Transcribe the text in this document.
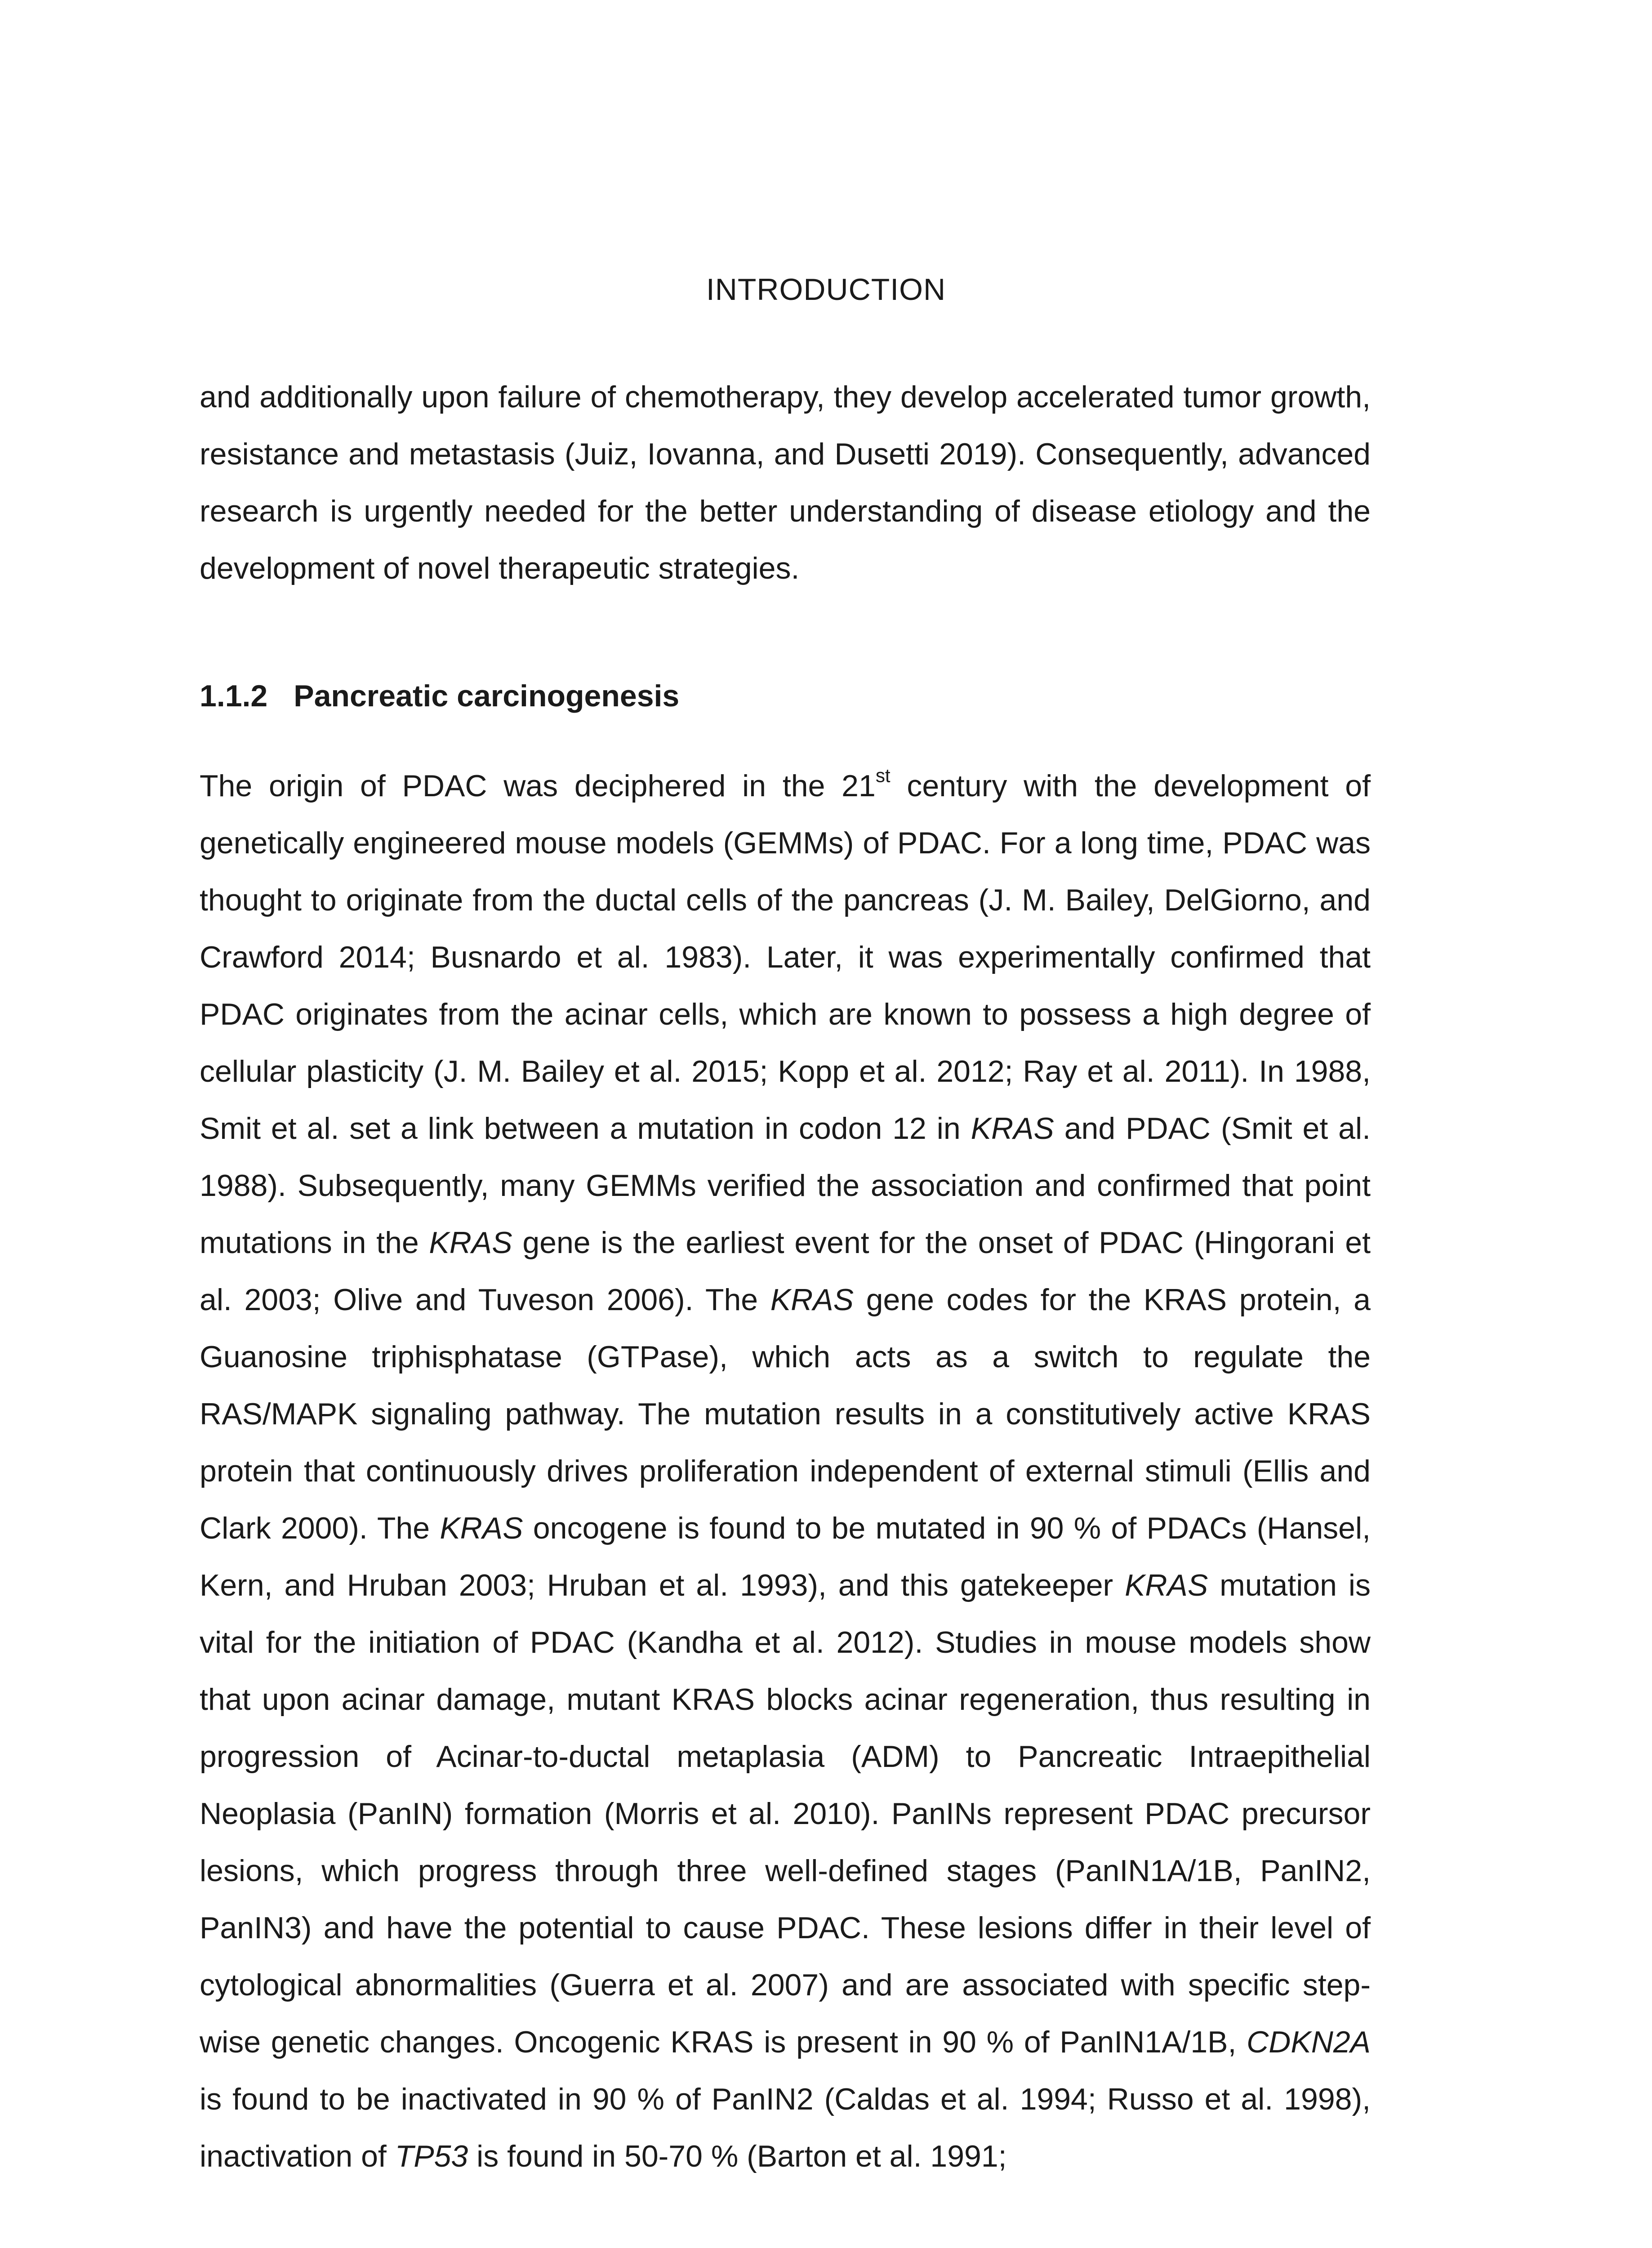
INTRODUCTION

and additionally upon failure of chemotherapy, they develop accelerated tumor growth, resistance and metastasis (Juiz, Iovanna, and Dusetti 2019). Consequently, advanced research is urgently needed for the better understanding of disease etiology and the development of novel therapeutic strategies.

1.1.2 Pancreatic carcinogenesis

The origin of PDAC was deciphered in the 21st century with the development of genetically engineered mouse models (GEMMs) of PDAC. For a long time, PDAC was thought to originate from the ductal cells of the pancreas (J. M. Bailey, DelGiorno, and Crawford 2014; Busnardo et al. 1983). Later, it was experimentally confirmed that PDAC originates from the acinar cells, which are known to possess a high degree of cellular plasticity (J. M. Bailey et al. 2015; Kopp et al. 2012; Ray et al. 2011). In 1988, Smit et al. set a link between a mutation in codon 12 in KRAS and PDAC (Smit et al. 1988). Subsequently, many GEMMs verified the association and confirmed that point mutations in the KRAS gene is the earliest event for the onset of PDAC (Hingorani et al. 2003; Olive and Tuveson 2006). The KRAS gene codes for the KRAS protein, a Guanosine triphisphatase (GTPase), which acts as a switch to regulate the RAS/MAPK signaling pathway. The mutation results in a constitutively active KRAS protein that continuously drives proliferation independent of external stimuli (Ellis and Clark 2000). The KRAS oncogene is found to be mutated in 90 % of PDACs (Hansel, Kern, and Hruban 2003; Hruban et al. 1993), and this gatekeeper KRAS mutation is vital for the initiation of PDAC (Kandha et al. 2012). Studies in mouse models show that upon acinar damage, mutant KRAS blocks acinar regeneration, thus resulting in progression of Acinar-to-ductal metaplasia (ADM) to Pancreatic Intraepithelial Neoplasia (PanIN) formation (Morris et al. 2010). PanINs represent PDAC precursor lesions, which progress through three well-defined stages (PanIN1A/1B, PanIN2, PanIN3) and have the potential to cause PDAC. These lesions differ in their level of cytological abnormalities (Guerra et al. 2007) and are associated with specific step-wise genetic changes. Oncogenic KRAS is present in 90 % of PanIN1A/1B, CDKN2A is found to be inactivated in 90 % of PanIN2 (Caldas et al. 1994; Russo et al. 1998), inactivation of TP53 is found in 50-70 % (Barton et al. 1991;
